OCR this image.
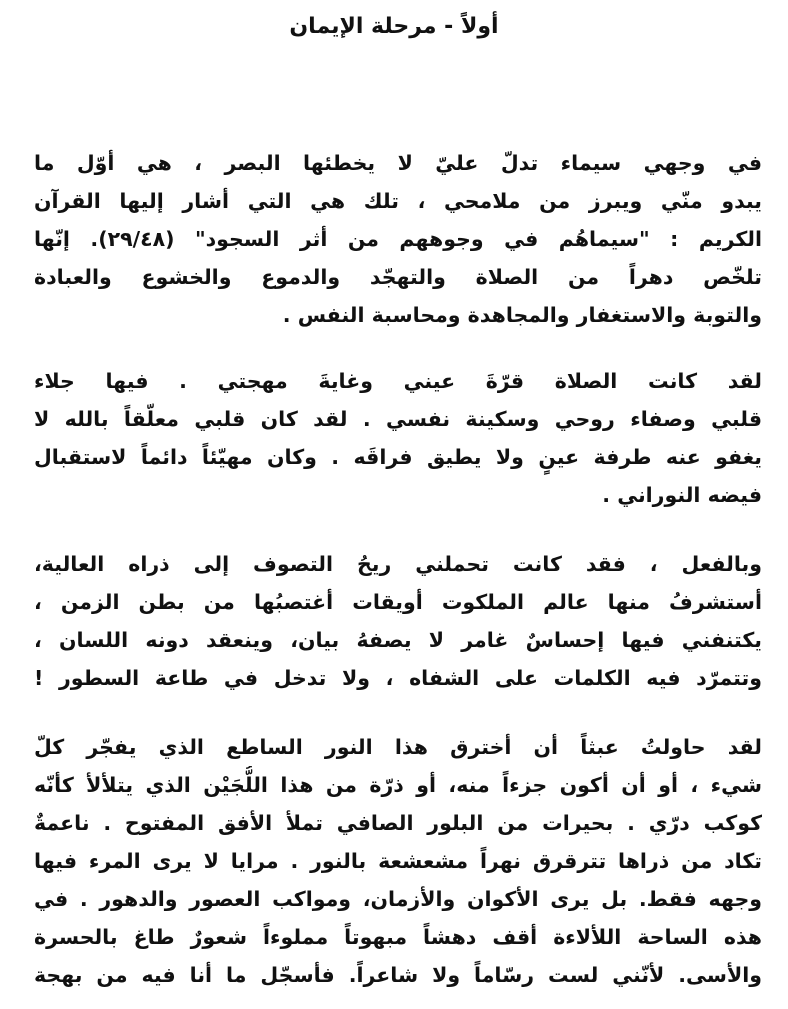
أولاً - مرحلة الإيمان
في وجهي سيماء تدلّ عليّ لا يخطئها البصر ، هي أوّل ما
يبدو منّي ويبرز من ملامحي ، تلك هي التي أشار إليها القرآن
الكريم : "سيماهُم في وجوههم من أثر السجود" (٢٩/٤٨). إنّها
تلخّص دهراً من الصلاة والتهجّد والدموع والخشوع والعبادة
والتوبة والاستغفار والمجاهدة ومحاسبة النفس .
لقد كانت الصلاة قرّةَ عيني وغايةَ مهجتي . فيها جلاء
قلبي وصفاء روحي وسكينة نفسي . لقد كان قلبي معلّقاً بالله لا
يغفو عنه طرفة عينٍ ولا يطيق فراقَه . وكان مهيّئاً دائماً لاستقبال
فيضه النوراني .
وبالفعل ، فقد كانت تحملني ريحُ التصوف إلى ذراه العالية،
أستشرفُ منها عالم الملكوت أويقات أغتصبُها من بطن الزمن ،
يكتنفني فيها إحساسٌ غامر لا يصفهُ بيان، وينعقد دونه اللسان ،
وتتمرّد فيه الكلمات على الشفاه ، ولا تدخل في طاعة السطور !
لقد حاولتُ عبثاً أن أخترق هذا النور الساطع الذي يفجّر كلّ
شيء ، أو أن أكون جزءاً منه، أو ذرّة من هذا اللُّجَيْن الذي يتلألأ كأنّه
كوكب درّي . بحيرات من البلور الصافي تملأ الأفق المفتوح . ناعمةٌ
تكاد من ذراها تترقرق نهراً مشعشعة بالنور . مرايا لا يرى المرء فيها
وجهه فقط. بل يرى الأكوان والأزمان، ومواكب العصور والدهور . في
هذه الساحة اللألاءة أقف دهشاً مبهوتاً مملوءاً شعورٌ طاغ بالحسرة
والأسى. لأنّني لست رسّاماً ولا شاعراً. فأسجّل ما أنا فيه من بهجة
